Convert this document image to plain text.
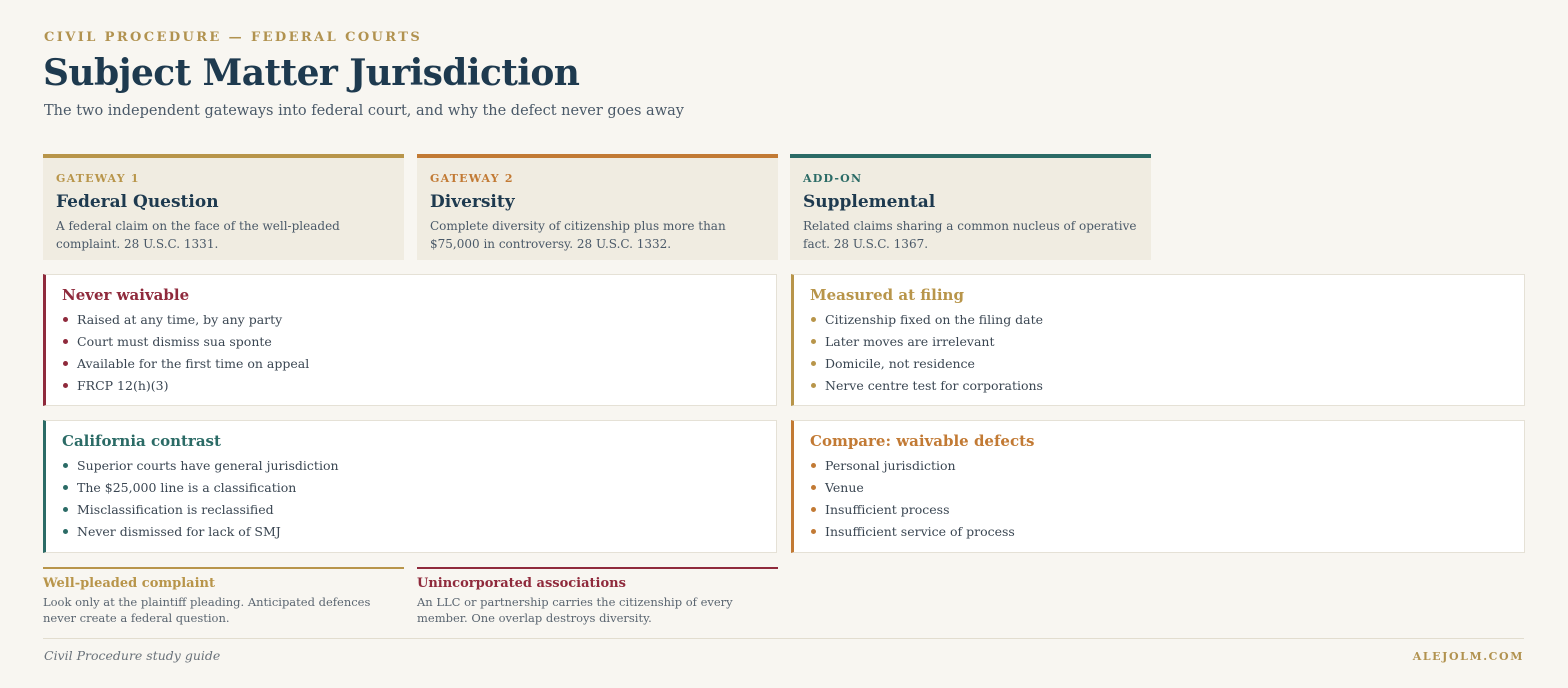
CIVIL PROCEDURE — FEDERAL COURTS
Subject Matter Jurisdiction
The two independent gateways into federal court, and why the defect never goes away
GATEWAY 1
Federal Question
A federal claim on the face of the well-pleaded complaint. 28 U.S.C. 1331.
GATEWAY 2
Diversity
Complete diversity of citizenship plus more than $75,000 in controversy. 28 U.S.C. 1332.
ADD-ON
Supplemental
Related claims sharing a common nucleus of operative fact. 28 U.S.C. 1367.
Never waivable
Raised at any time, by any party
Court must dismiss sua sponte
Available for the first time on appeal
FRCP 12(h)(3)
Measured at filing
Citizenship fixed on the filing date
Later moves are irrelevant
Domicile, not residence
Nerve centre test for corporations
California contrast
Superior courts have general jurisdiction
The $25,000 line is a classification
Misclassification is reclassified
Never dismissed for lack of SMJ
Compare: waivable defects
Personal jurisdiction
Venue
Insufficient process
Insufficient service of process
Well-pleaded complaint
Look only at the plaintiff pleading. Anticipated defences never create a federal question.
Unincorporated associations
An LLC or partnership carries the citizenship of every member. One overlap destroys diversity.
Civil Procedure study guide	ALEJOLM.COM
